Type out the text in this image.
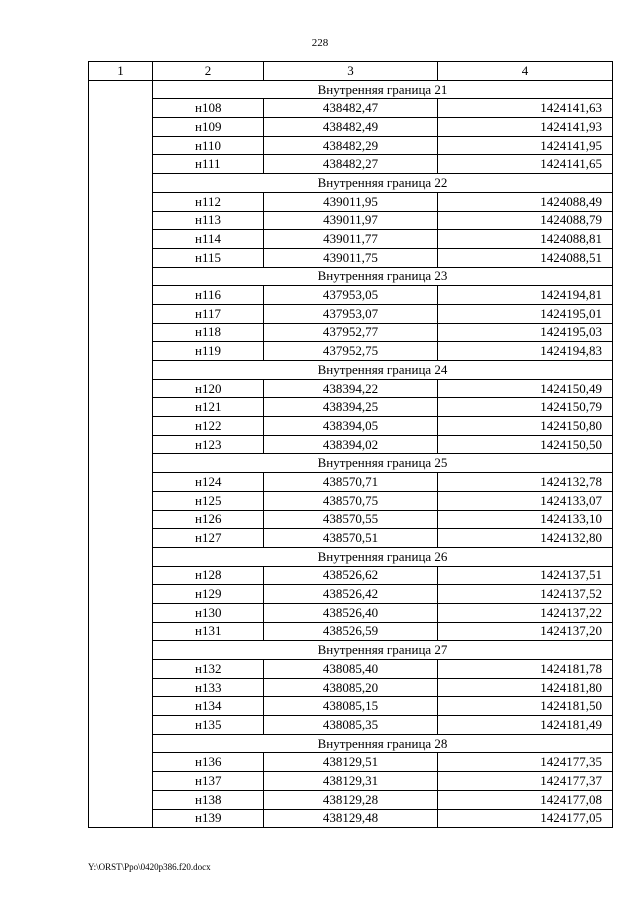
228
1	2	3	4
	Внутренняя граница 21		
	н108	438482,47	1424141,63
	н109	438482,49	1424141,93
	н110	438482,29	1424141,95
	н111	438482,27	1424141,65
	Внутренняя граница 22		
	н112	439011,95	1424088,49
	н113	439011,97	1424088,79
	н114	439011,77	1424088,81
	н115	439011,75	1424088,51
	Внутренняя граница 23		
	н116	437953,05	1424194,81
	н117	437953,07	1424195,01
	н118	437952,77	1424195,03
	н119	437952,75	1424194,83
	Внутренняя граница 24		
	н120	438394,22	1424150,49
	н121	438394,25	1424150,79
	н122	438394,05	1424150,80
	н123	438394,02	1424150,50
	Внутренняя граница 25		
	н124	438570,71	1424132,78
	н125	438570,75	1424133,07
	н126	438570,55	1424133,10
	н127	438570,51	1424132,80
	Внутренняя граница 26		
	н128	438526,62	1424137,51
	н129	438526,42	1424137,52
	н130	438526,40	1424137,22
	н131	438526,59	1424137,20
	Внутренняя граница 27		
	н132	438085,40	1424181,78
	н133	438085,20	1424181,80
	н134	438085,15	1424181,50
	н135	438085,35	1424181,49
	Внутренняя граница 28		
	н136	438129,51	1424177,35
	н137	438129,31	1424177,37
	н138	438129,28	1424177,08
	н139	438129,48	1424177,05
Y:\ORST\Ppo\0420p386.f20.docx
